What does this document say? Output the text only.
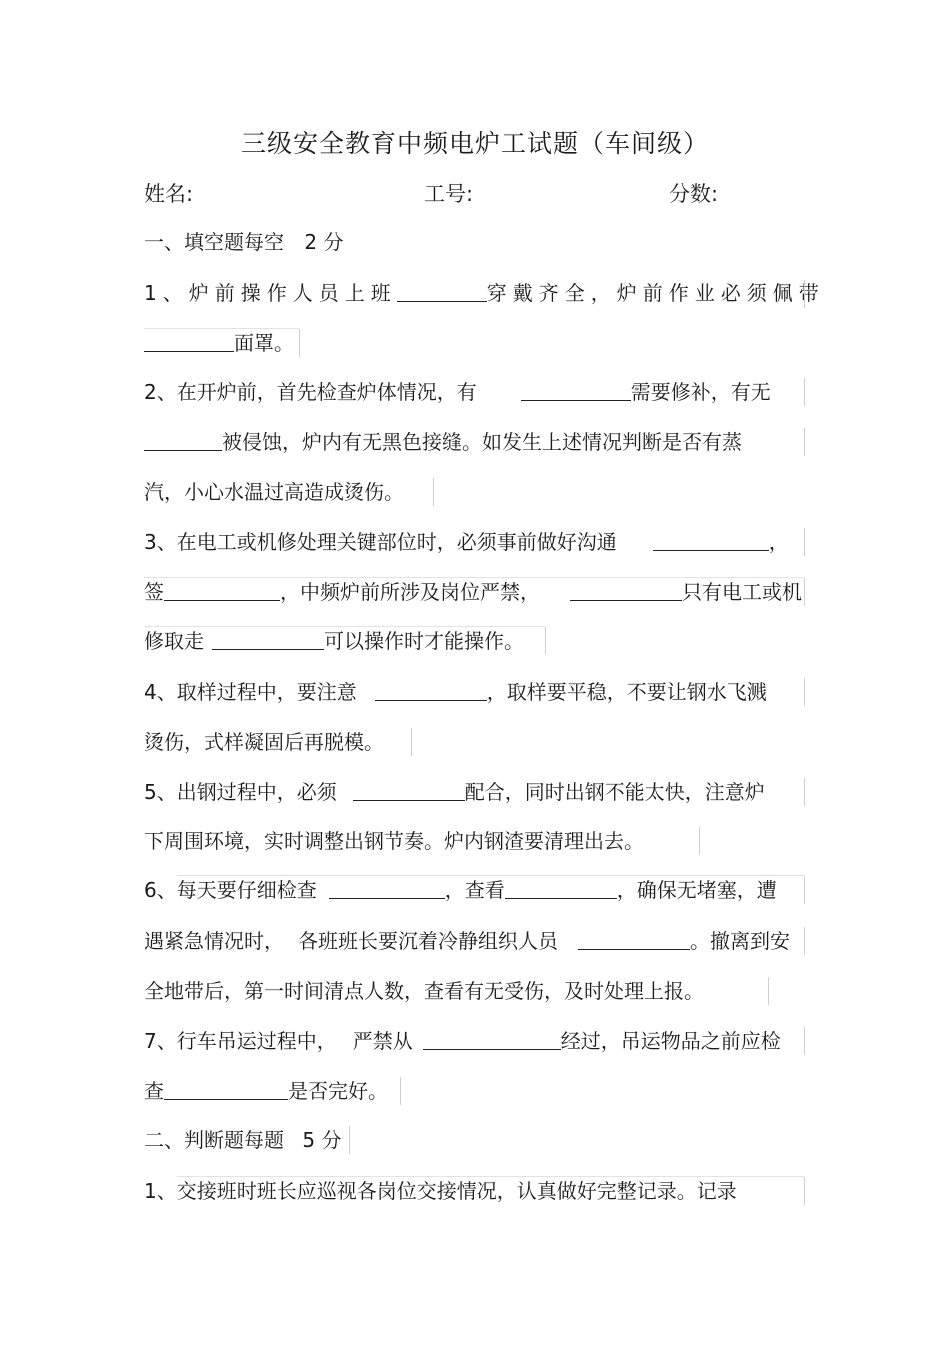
三级安全教育中频电炉工试题（车间级）
姓名:	工号:	分数:
一、填空题每空 2 分
1、炉前操作人员上班	穿戴齐全，炉前作业必须佩带
面罩。
2、在开炉前，首先检查炉体情况，有	需要修补，有无
被侵蚀，炉内有无黑色接缝。如发生上述情况判断是否有蒸
汽，小心水温过高造成烫伤。
3、在电工或机修处理关键部位时，必须事前做好沟通	，
签	，中频炉前所涉及岗位严禁，	只有电工或机
修取走	可以操作时才能操作。
4、取样过程中，要注意	，取样要平稳，不要让钢水飞溅
烫伤，式样凝固后再脱模。
5、出钢过程中，必须	配合，同时出钢不能太快，注意炉
下周围环境，实时调整出钢节奏。炉内钢渣要清理出去。
6、每天要仔细检查	，查看	，确保无堵塞，遭
遇紧急情况时， 各班班长要沉着冷静组织人员	。撤离到安
全地带后，第一时间清点人数，查看有无受伤，及时处理上报。
7、行车吊运过程中， 严禁从	经过，吊运物品之前应检
查	是否完好。
二、判断题每题 5 分
1、交接班时班长应巡视各岗位交接情况，认真做好完整记录。记录
